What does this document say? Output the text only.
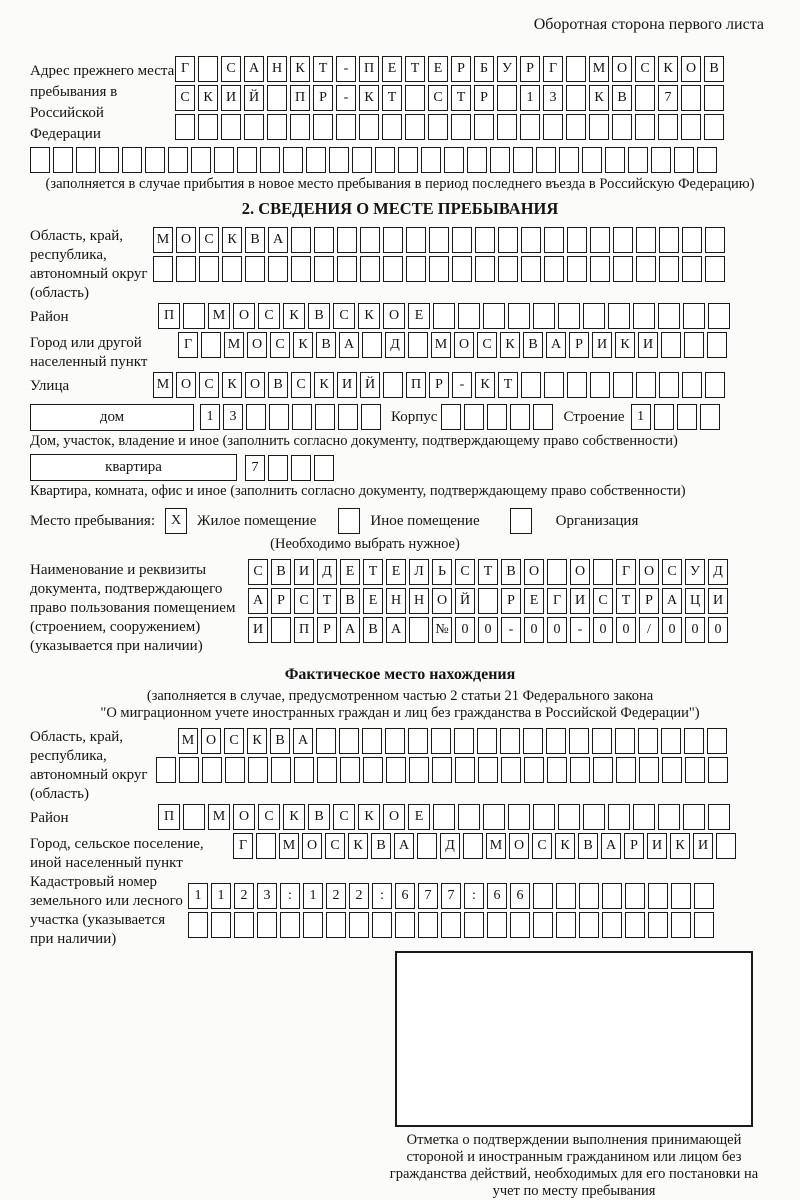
Оборотная сторона первого листа
Адрес прежнего места пребывания в Российской Федерации
Г	С А Н К	Т	-	П Е	Т	Е	Р	Б	У	Р	Г	М О С К О В
С К И Й	П	Р	-	К	Т	С	Т	Р	1	3	К В	7
(заполняется в случае прибытия в новое место пребывания в период последнего въезда в Российскую Федерацию)
2. СВЕДЕНИЯ О МЕСТЕ ПРЕБЫВАНИЯ
Область, край, республика, автономный округ (область)
М О С К В А
Район	П	М О	С	К	В	С	К	О	Е
Город или другой населенный пункт
Г	М О С К В А	Д	М О С К В А	Р	И К И
Улица	М О С К О В С К И Й	П	Р	-	К	Т
дом	1	3	Корпус	Строение 1
Дом, участок, владение и иное (заполнить согласно документу, подтверждающему право собственности)
квартира	7
Квартира, комната, офис и иное (заполнить согласно документу, подтверждающему право собственности)
Место пребывания:	X	Жилое помещение	Иное помещение	Организация
(Необходимо выбрать нужное)
Наименование и реквизиты документа, подтверждающего право пользования помещением (строением, сооружением) (указывается при наличии)
С В И Д Е	Т	Е Л	Ь	С	Т	В О	О	Г О С У Д
А	Р	С	Т	В	Е Н Н О Й	Р	Е	Г И С	Т	Р	А Ц И
И	П	Р	А В А	№ 0	0	-	0	0	-	0	0	/	0	0	0
Фактическое место нахождения
(заполняется в случае, предусмотренном частью 2 статьи 21 Федерального закона
"О миграционном учете иностранных граждан и лиц без гражданства в Российской Федерации")
Область, край, республика, автономный округ (область)
М О С К В А
Район	П	М О	С	К	В	С	К	О	Е
Город, сельское поселение, иной населенный пункт
Г	М О С К В А	Д	М О С К В А	Р	И К И
Кадастровый номер земельного или лесного участка (указывается при наличии)
1	1	2	3	:	1	2	2	:	6	7	7	:	6	6
Отметка о подтверждении выполнения принимающей стороной и иностранным гражданином или лицом без гражданства действий, необходимых для его постановки на учет по месту пребывания
